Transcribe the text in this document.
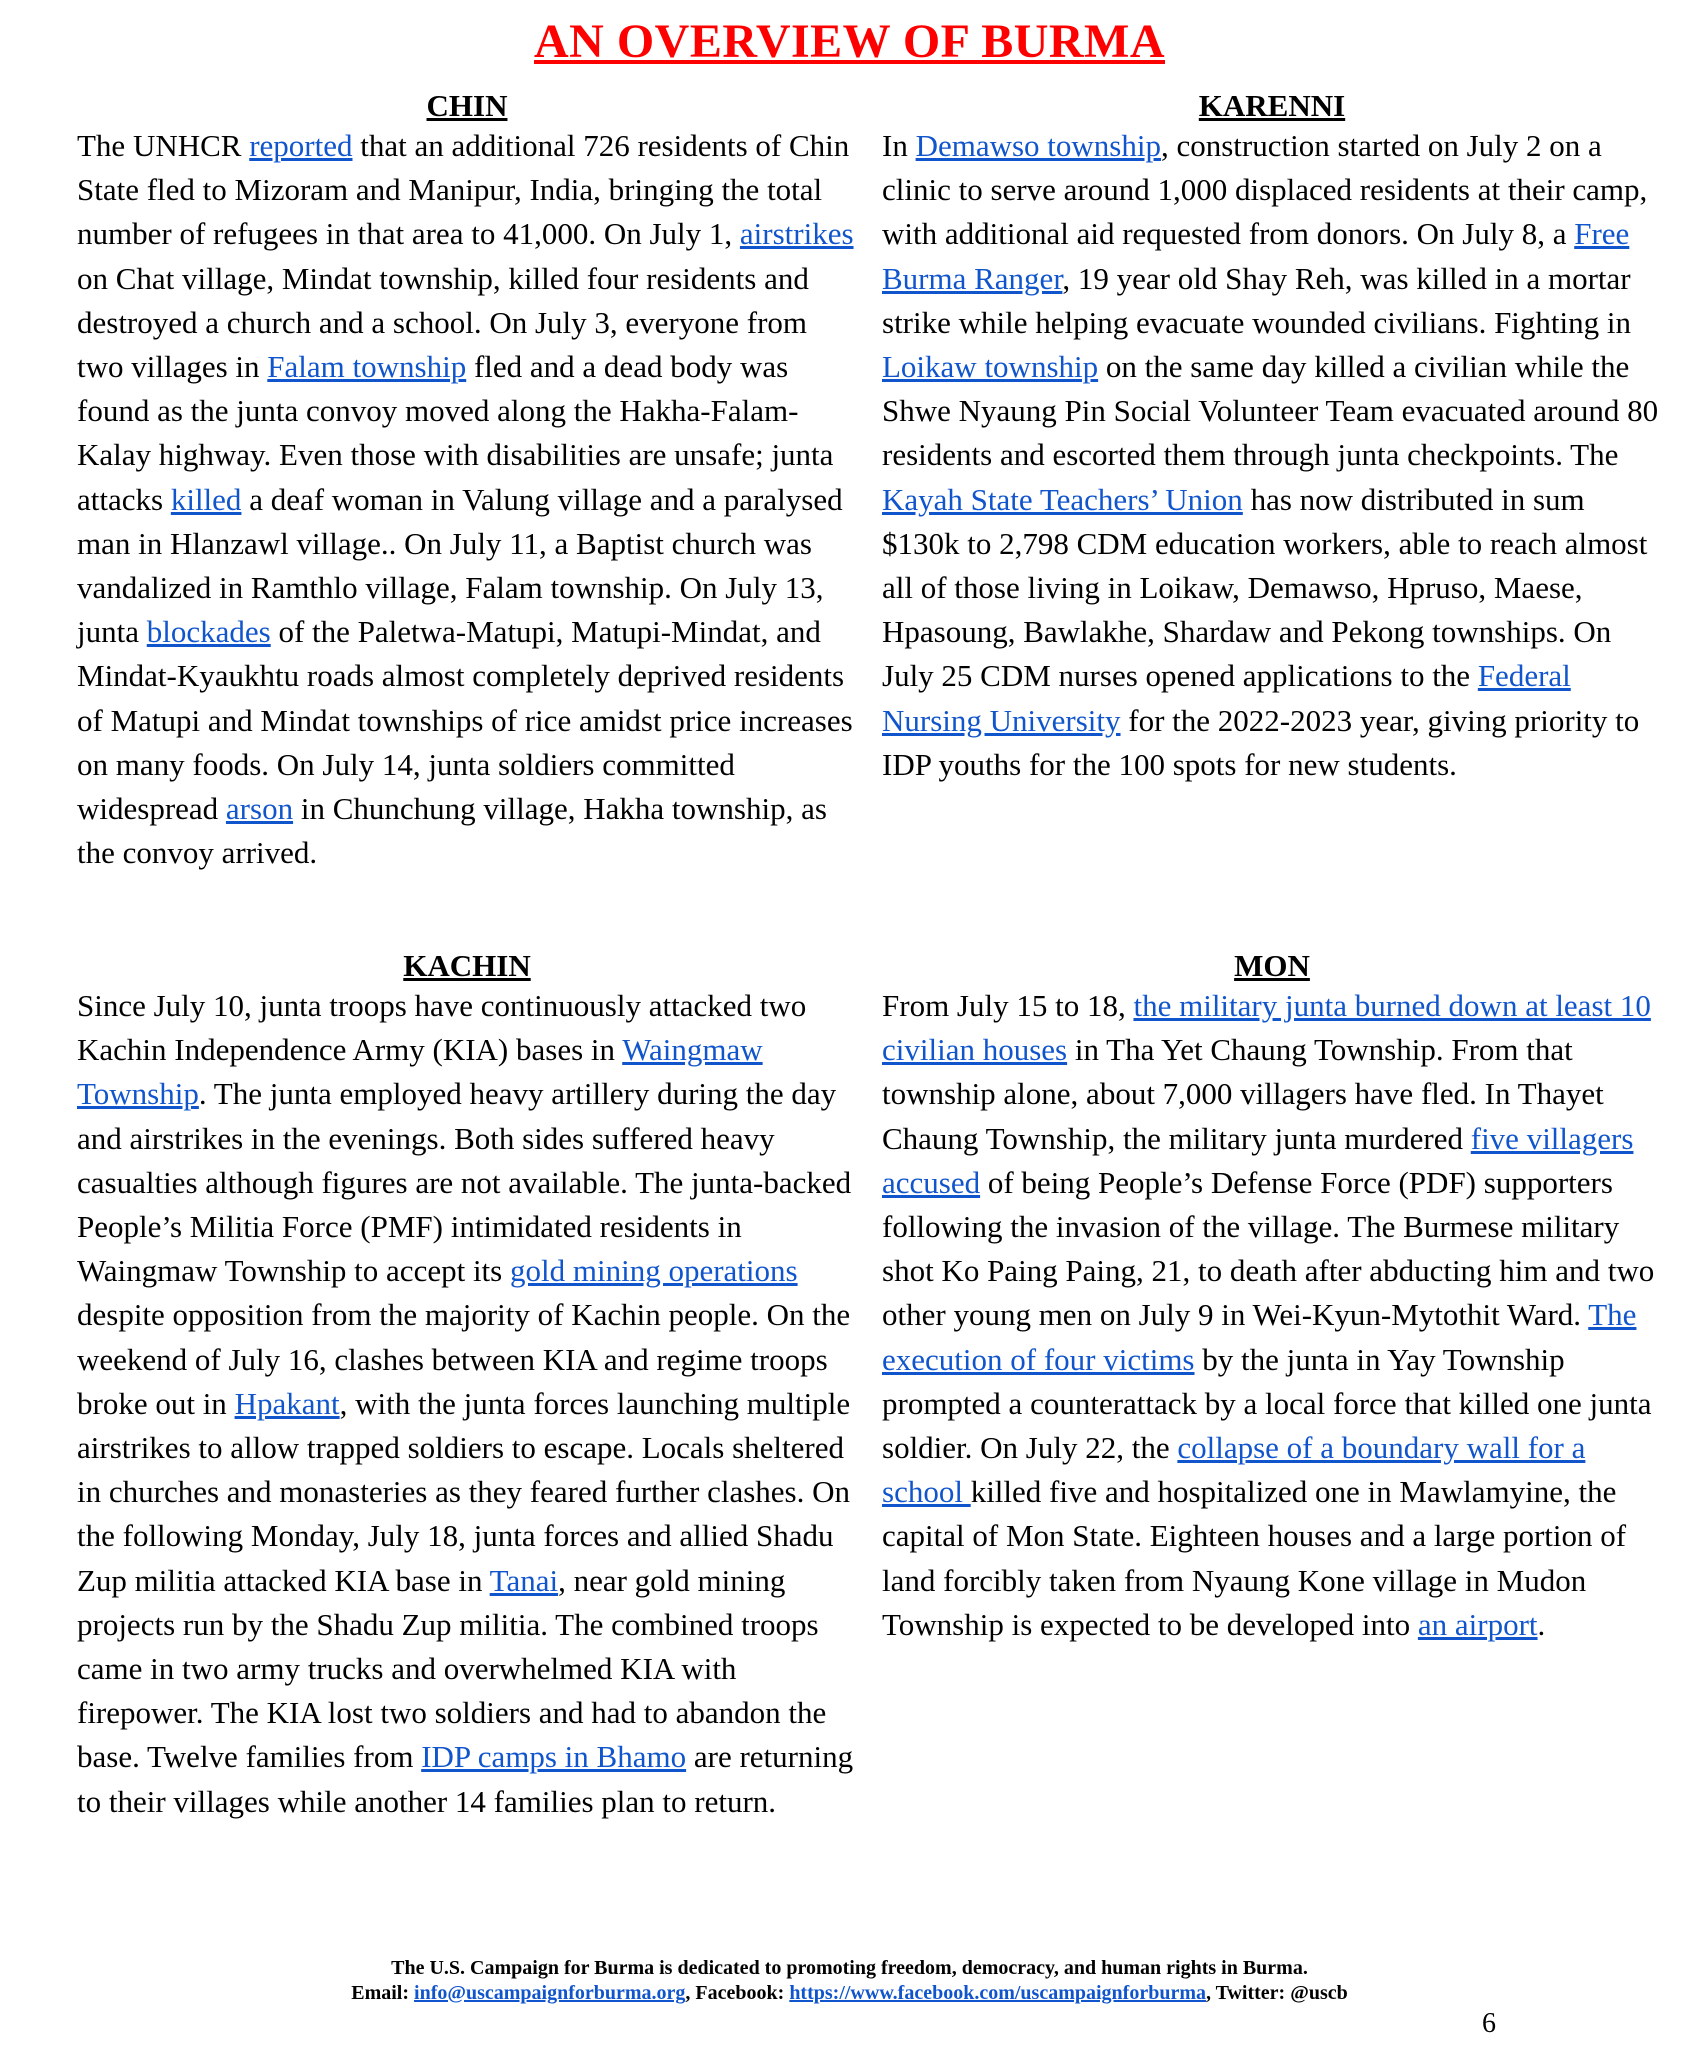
AN OVERVIEW OF BURMA
CHIN

The UNHCR reported that an additional 726 residents of Chin State fled to Mizoram and Manipur, India, bringing the total number of refugees in that area to 41,000. On July 1, airstrikes on Chat village, Mindat township, killed four residents and destroyed a church and a school. On July 3, everyone from two villages in Falam township fled and a dead body was found as the junta convoy moved along the Hakha-Falam-Kalay highway. Even those with disabilities are unsafe; junta attacks killed a deaf woman in Valung village and a paralysed man in Hlanzawl village.. On July 11, a Baptist church was vandalized in Ramthlo village, Falam township. On July 13, junta blockades of the Paletwa-Matupi, Matupi-Mindat, and Mindat-Kyaukhtu roads almost completely deprived residents of Matupi and Mindat townships of rice amidst price increases on many foods. On July 14, junta soldiers committed widespread arson in Chunchung village, Hakha township, as the convoy arrived.

KARENNI

In Demawso township, construction started on July 2 on a clinic to serve around 1,000 displaced residents at their camp, with additional aid requested from donors. On July 8, a Free Burma Ranger, 19 year old Shay Reh, was killed in a mortar strike while helping evacuate wounded civilians. Fighting in Loikaw township on the same day killed a civilian while the Shwe Nyaung Pin Social Volunteer Team evacuated around 80 residents and escorted them through junta checkpoints. The Kayah State Teachers’ Union has now distributed in sum $130k to 2,798 CDM education workers, able to reach almost all of those living in Loikaw, Demawso, Hpruso, Maese, Hpasoung, Bawlakhe, Shardaw and Pekong townships. On July 25 CDM nurses opened applications to the Federal Nursing University for the 2022-2023 year, giving priority to IDP youths for the 100 spots for new students.

KACHIN

Since July 10, junta troops have continuously attacked two Kachin Independence Army (KIA) bases in Waingmaw Township. The junta employed heavy artillery during the day and airstrikes in the evenings. Both sides suffered heavy casualties although figures are not available. The junta-backed People’s Militia Force (PMF) intimidated residents in Waingmaw Township to accept its gold mining operations despite opposition from the majority of Kachin people. On the weekend of July 16, clashes between KIA and regime troops broke out in Hpakant, with the junta forces launching multiple airstrikes to allow trapped soldiers to escape. Locals sheltered in churches and monasteries as they feared further clashes. On the following Monday, July 18, junta forces and allied Shadu Zup militia attacked KIA base in Tanai, near gold mining projects run by the Shadu Zup militia. The combined troops came in two army trucks and overwhelmed KIA with firepower. The KIA lost two soldiers and had to abandon the base. Twelve families from IDP camps in Bhamo are returning to their villages while another 14 families plan to return.

MON

From July 15 to 18, the military junta burned down at least 10 civilian houses in Tha Yet Chaung Township. From that township alone, about 7,000 villagers have fled. In Thayet Chaung Township, the military junta murdered five villagers accused of being People’s Defense Force (PDF) supporters following the invasion of the village. The Burmese military shot Ko Paing Paing, 21, to death after abducting him and two other young men on July 9 in Wei-Kyun-Mytothit Ward. The execution of four victims by the junta in Yay Township prompted a counterattack by a local force that killed one junta soldier. On July 22, the collapse of a boundary wall for a school killed five and hospitalized one in Mawlamyine, the capital of Mon State. Eighteen houses and a large portion of land forcibly taken from Nyaung Kone village in Mudon Township is expected to be developed into an airport.

The U.S. Campaign for Burma is dedicated to promoting freedom, democracy, and human rights in Burma.
Email: info@uscampaignforburma.org, Facebook: https://www.facebook.com/uscampaignforburma, Twitter: @uscb
6
